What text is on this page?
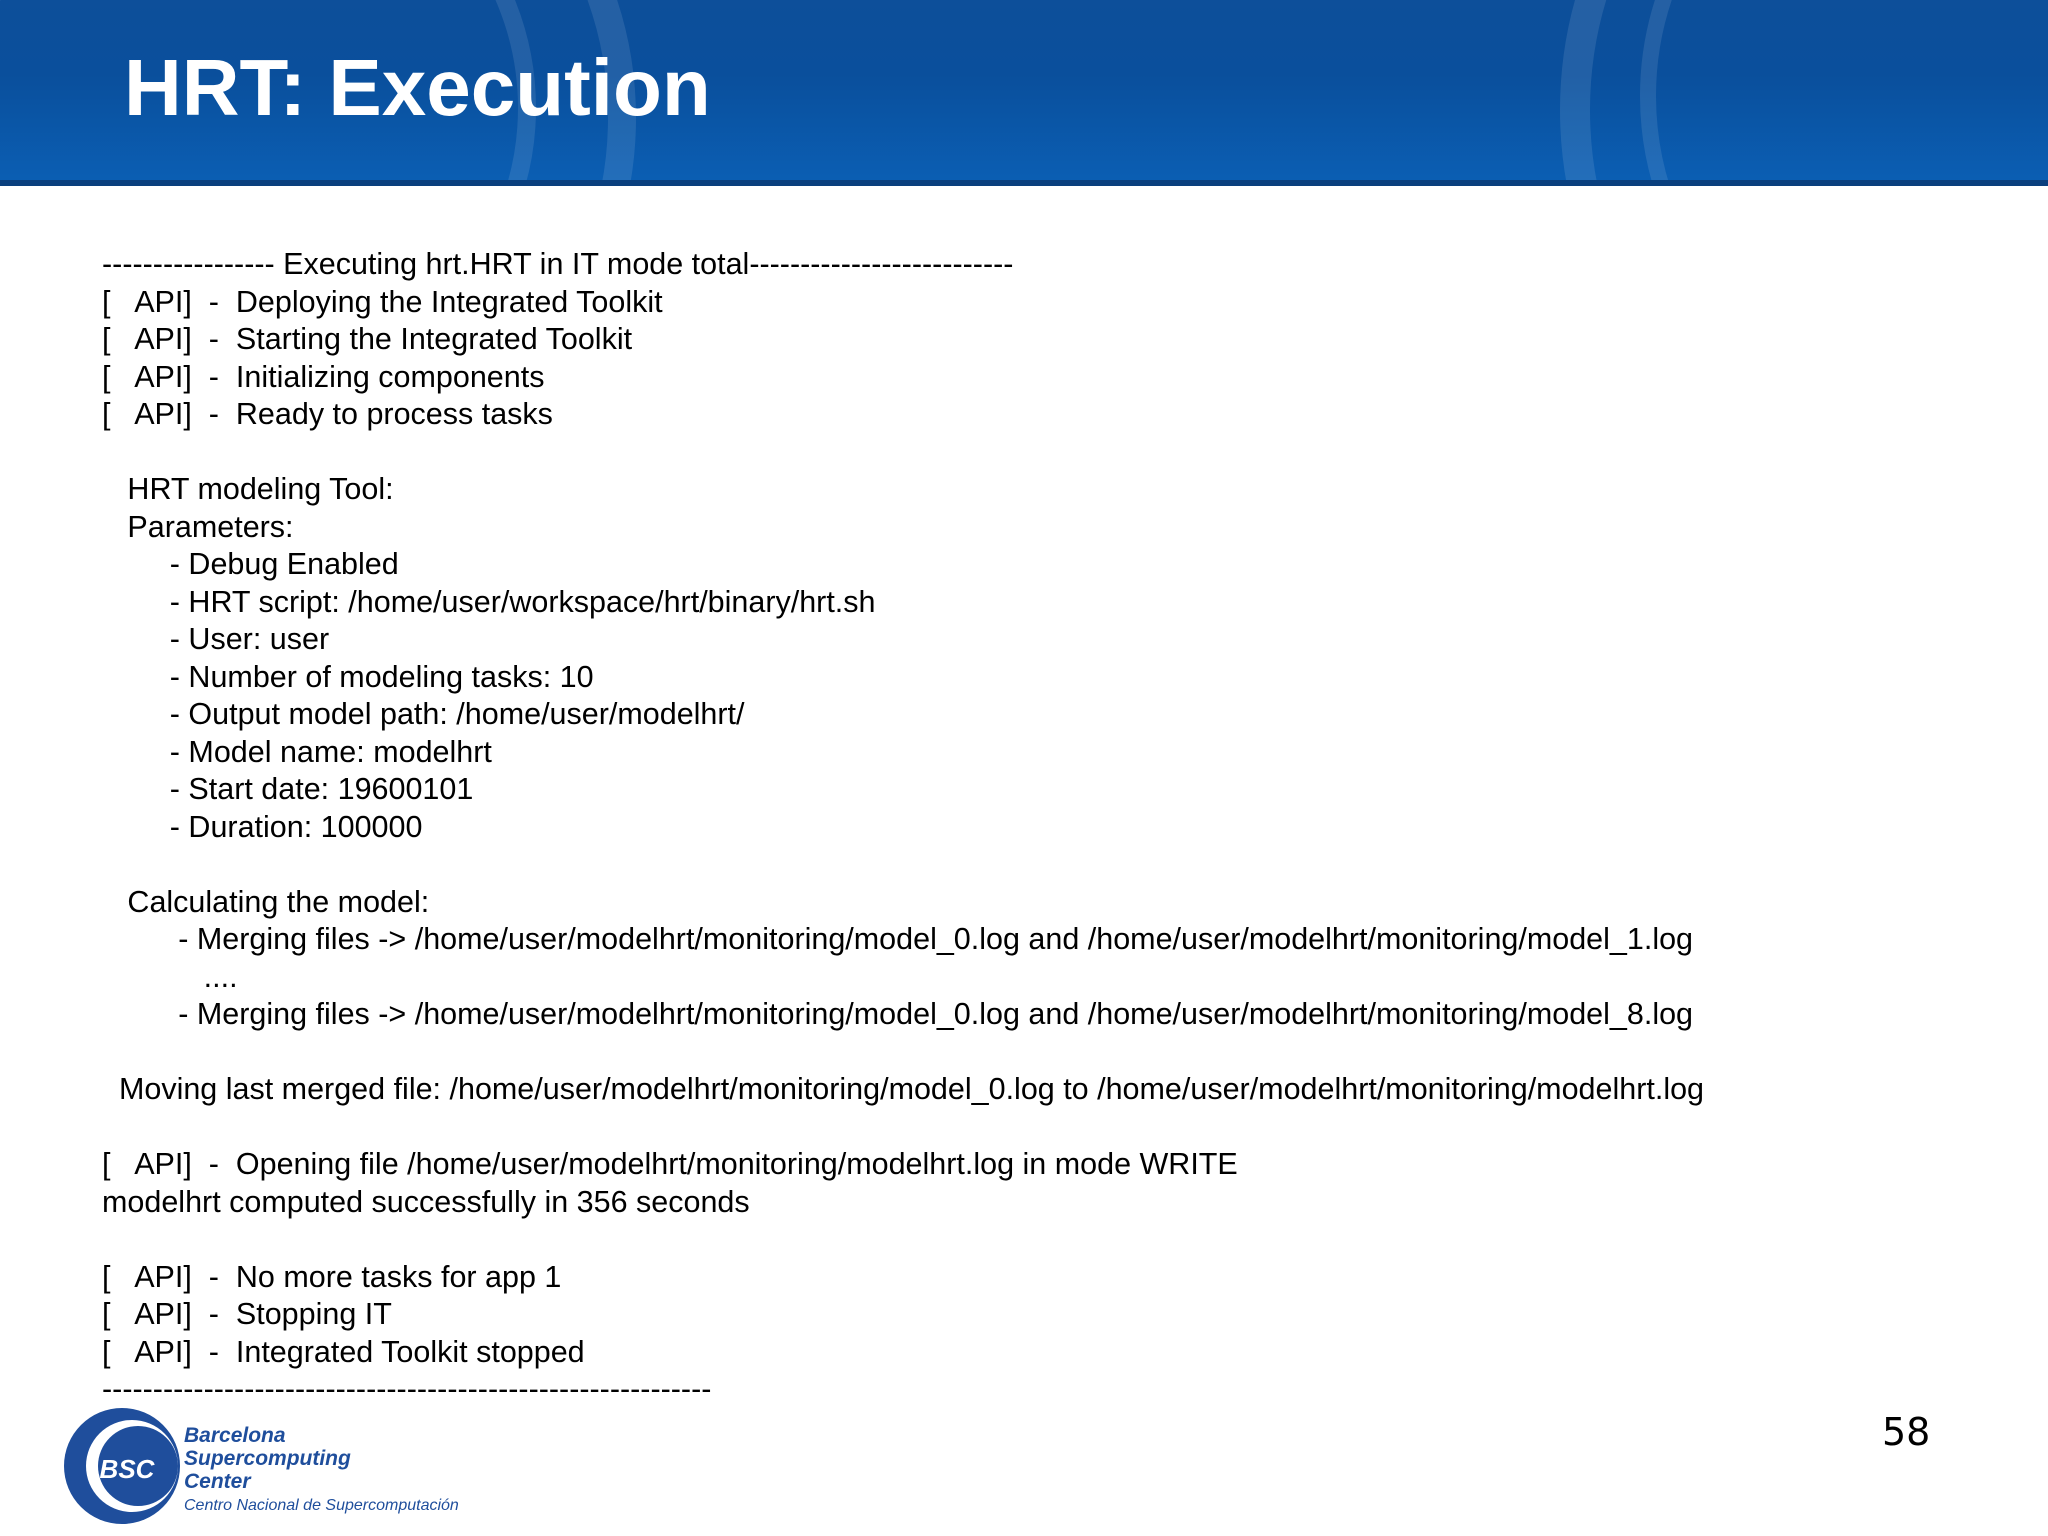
HRT: Execution
----------------- Executing hrt.HRT in IT mode total--------------------------
[   API]  -  Deploying the Integrated Toolkit
[   API]  -  Starting the Integrated Toolkit
[   API]  -  Initializing components
[   API]  -  Ready to process tasks
HRT modeling Tool:
Parameters:
- Debug Enabled
- HRT script: /home/user/workspace/hrt/binary/hrt.sh
- User: user
- Number of modeling tasks: 10
- Output model path: /home/user/modelhrt/
- Model name: modelhrt
- Start date: 19600101
- Duration: 100000
Calculating the model:
- Merging files -> /home/user/modelhrt/monitoring/model_0.log and /home/user/modelhrt/monitoring/model_1.log
....
- Merging files -> /home/user/modelhrt/monitoring/model_0.log and /home/user/modelhrt/monitoring/model_8.log
Moving last merged file: /home/user/modelhrt/monitoring/model_0.log to /home/user/modelhrt/monitoring/modelhrt.log
[   API]  -  Opening file /home/user/modelhrt/monitoring/modelhrt.log in mode WRITE
modelhrt computed successfully in 356 seconds
[   API]  -  No more tasks for app 1
[   API]  -  Stopping IT
[   API]  -  Integrated Toolkit stopped
------------------------------------------------------------
BSC
Barcelona
Supercomputing
Center
Centro Nacional de Supercomputación
58
